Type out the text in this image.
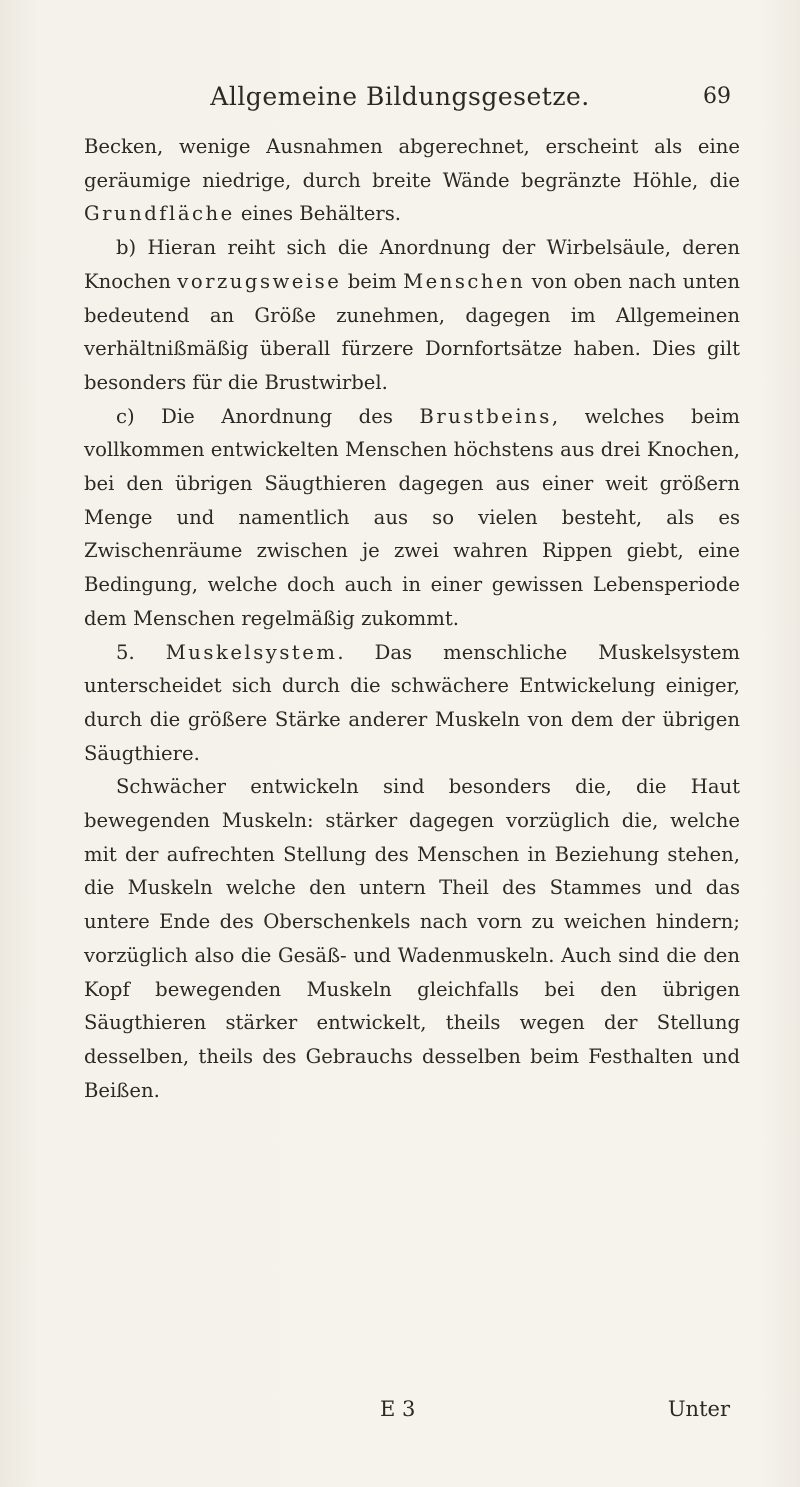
Allgemeine Bildungsgesetze.	69

Becken, wenige Ausnahmen abgerechnet, erscheint als eine geräumige niedrige, durch breite Wände begränzte Höhle, die Grundfläche eines Behälters.

b) Hieran reiht sich die Anordnung der Wirbelsäule, deren Knochen vorzugsweise beim Menschen von oben nach unten bedeutend an Größe zunehmen, dagegen im Allgemeinen verhältnißmäßig überall fürzere Dornfortsätze haben. Dies gilt besonders für die Brustwirbel.

c) Die Anordnung des Brustbeins, welches beim vollkommen entwickelten Menschen höchstens aus drei Knochen, bei den übrigen Säugthieren dagegen aus einer weit größern Menge und namentlich aus so vielen besteht, als es Zwischenräume zwischen je zwei wahren Rippen giebt, eine Bedingung, welche doch auch in einer gewissen Lebensperiode dem Menschen regelmäßig zukommt.

5. Muskelsystem. Das menschliche Muskelsystem unterscheidet sich durch die schwächere Entwickelung einiger, durch die größere Stärke anderer Muskeln von dem der übrigen Säugthiere.

Schwächer entwickeln sind besonders die, die Haut bewegenden Muskeln: stärker dagegen vorzüglich die, welche mit der aufrechten Stellung des Menschen in Beziehung stehen, die Muskeln welche den untern Theil des Stammes und das untere Ende des Oberschenkels nach vorn zu weichen hindern; vorzüglich also die Gesäß- und Wadenmuskeln. Auch sind die den Kopf bewegenden Muskeln gleichfalls bei den übrigen Säugthieren stärker entwickelt, theils wegen der Stellung desselben, theils des Gebrauchs desselben beim Festhalten und Beißen.

E 3	Unter
